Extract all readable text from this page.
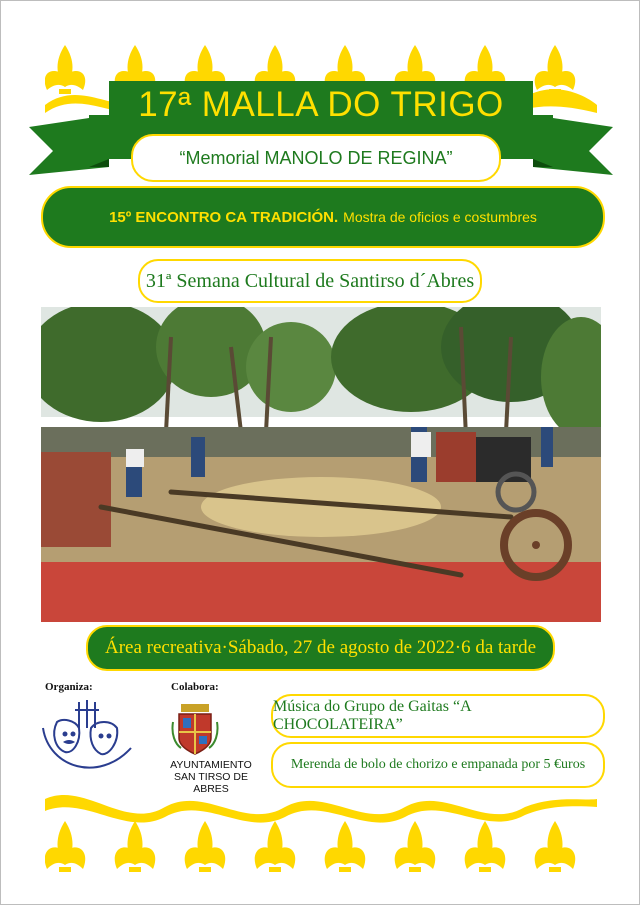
17ª MALLA DO TRIGO
“Memorial MANOLO DE REGINA”
15º ENCONTRO CA TRADICIÓN. Mostra de oficios e costumbres
31ª Semana Cultural de Santirso d´Abres
Área recreativa · Sábado, 27 de agosto de 2022 · 6 da tarde
Organiza:	Colabora:
AYUNTAMIENTO
SAN TIRSO DE ABRES
Música do Grupo de Gaitas “A CHOCOLATEIRA”
Merenda de bolo de chorizo e empanada por 5 €uros
